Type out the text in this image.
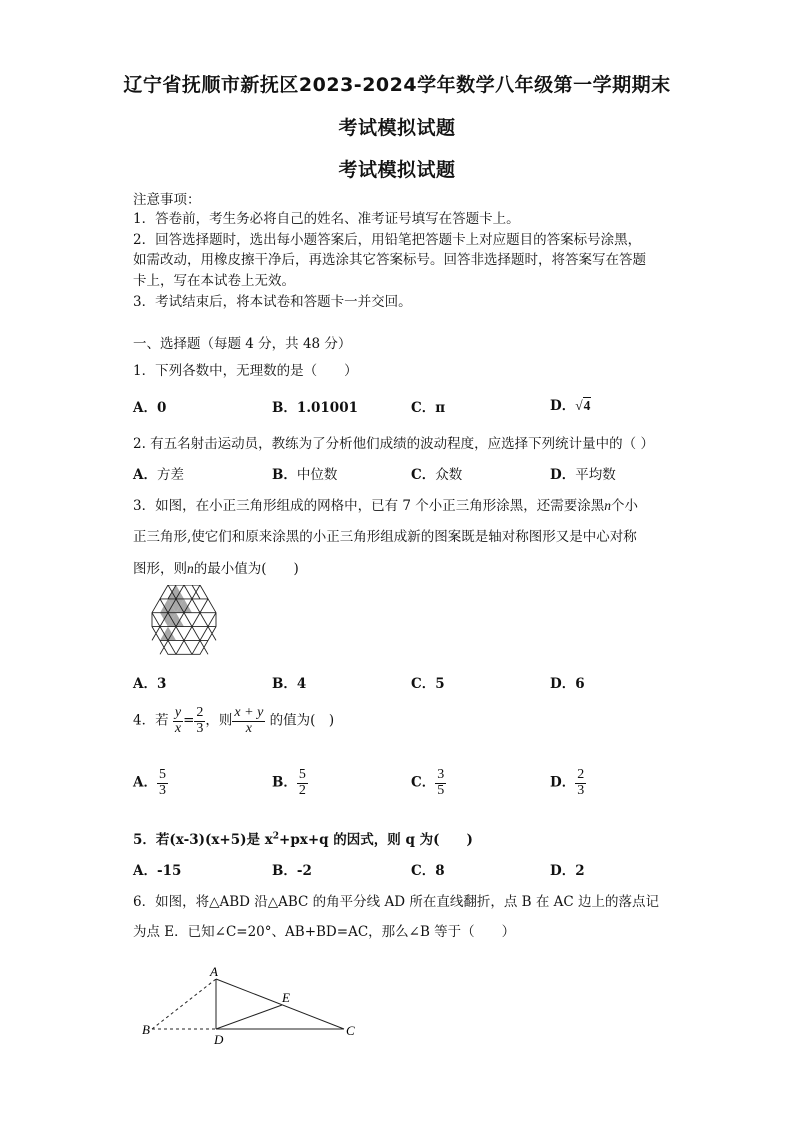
辽宁省抚顺市新抚区2023-2024学年数学八年级第一学期期末
考试模拟试题
考试模拟试题
注意事项：
1．答卷前，考生务必将自己的姓名、准考证号填写在答题卡上。
2．回答选择题时，选出每小题答案后，用铅笔把答题卡上对应题目的答案标号涂黑，
如需改动，用橡皮擦干净后，再选涂其它答案标号。回答非选择题时，将答案写在答题
卡上，写在本试卷上无效。
3．考试结束后，将本试卷和答题卡一并交回。
一、选择题（每题 4 分，共 48 分）
1．下列各数中，无理数的是（　　）
A．0	B．1.01001	C．π	D．√4
2. 有五名射击运动员，教练为了分析他们成绩的波动程度，应选择下列统计量中的（ ）
A．方差	B．中位数	C．众数	D．平均数
3．如图，在小正三角形组成的网格中，已有 7 个小正三角形涂黑，还需要涂黑n个小
正三角形,使它们和原来涂黑的小正三角形组成新的图案既是轴对称图形又是中心对称
图形，则n的最小值为(　　)
A．3	B．4	C．5	D．6
4．若 $\frac{y}{x} = \frac{2}{3}$ ，则 $\frac{x + y}{x}$ 的值为(　)
A． $\frac{5}{3}$	B． $\frac{5}{2}$	C． $\frac{3}{5}$	D． $\frac{2}{3}$
5．若(x-3)(x+5)是 $x^2+px+q$ 的因式，则 q 为(　　)
A．-15	B．-2	C．8	D．2
6．如图，将△ABD 沿△ABC 的角平分线 AD 所在直线翻折，点 B 在 AC 边上的落点记
为点 E．已知∠C=20°、AB+BD=AC，那么∠B 等于（　　）
A
B	C
D
E
